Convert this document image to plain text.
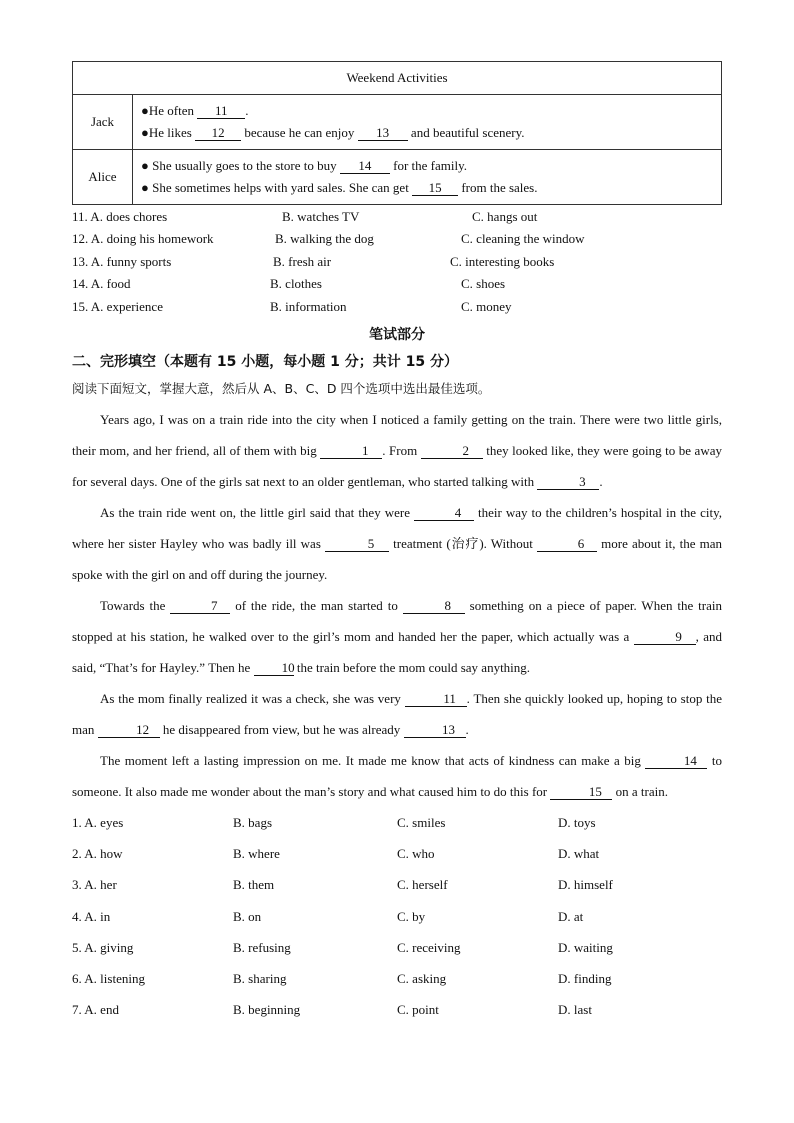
Weekend Activities	
Jack	●He often 11 .
●He likes 12 because he can enjoy 13 and beautiful scenery.

Alice	● She usually goes to the store to buy 14 for the family.
● She sometimes helps with yard sales. She can get 15 from the sales.
11. A. does chores	B. watches TV	C. hangs out
12. A. doing his homework	B. walking the dog	C. cleaning the window
13. A. funny sports	B. fresh air	C. interesting books
14. A. food	B. clothes	C. shoes
15. A. experience	B. information	C. money
笔试部分
二、完形填空（本题有 15 小题，每小题 1 分；共计 15 分）
阅读下面短文，掌握大意，然后从 A、B、C、D 四个选项中选出最佳选项。

Years ago, I was on a train ride into the city when I noticed a family getting on the train. There were two little girls, their mom, and her friend, all of them with big	1 . From	2 they looked like, they were going to be away for several days. One of the girls sat next to an older gentleman, who started talking with	3 .

As the train ride went on, the little girl said that they were	4 their way to the children’s hospital in the city, where her sister Hayley who was badly ill was	5 treatment (治疗). Without	6 more about it, the man spoke with the girl on and off during the journey.

Towards the	7 of the ride, the man started to	8 something on a piece of paper. When the train stopped at his station, he walked over to the girl’s mom and handed her the paper, which actually was a	9 , and said, “That’s for Hayley.” Then he 10 the train before the mom could say anything.

As the mom finally realized it was a check, she was very	11 . Then she quickly looked up, hoping to stop the man	12 he disappeared from view, but he was already	13 .

The moment left a lasting impression on me. It made me know that acts of kindness can make a big	14 to someone. It also made me wonder about the man’s story and what caused him to do this for	15 on a train.

1. A. eyes	B. bags	C. smiles	D. toys
2. A. how	B. where	C. who	D. what
3. A. her	B. them	C. herself	D. himself
4. A. in	B. on	C. by	D. at
5. A. giving	B. refusing	C. receiving	D. waiting
6. A. listening	B. sharing	C. asking	D. finding
7. A. end	B. beginning	C. point	D. last
